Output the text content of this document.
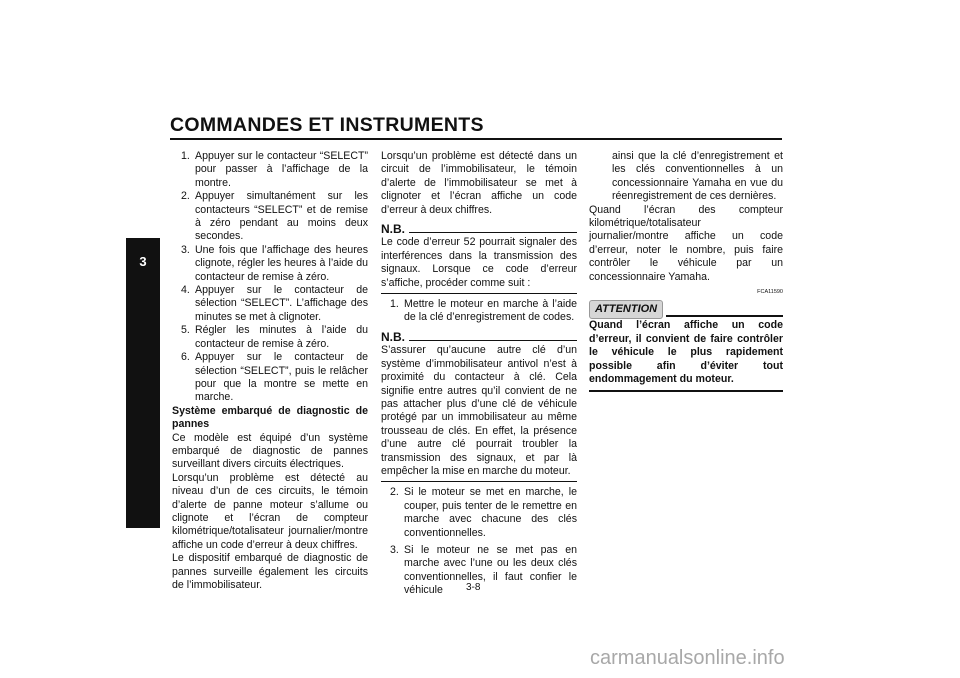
COMMANDES ET INSTRUMENTS
3
1. Appuyer sur le contacteur “SELECT” pour passer à l’affichage de la montre.
2. Appuyer simultanément sur les contacteurs “SELECT” et de remise à zéro pendant au moins deux secondes.
3. Une fois que l’affichage des heures clignote, régler les heures à l’aide du contacteur de remise à zéro.
4. Appuyer sur le contacteur de sélection “SELECT”. L’affichage des minutes se met à clignoter.
5. Régler les minutes à l’aide du contacteur de remise à zéro.
6. Appuyer sur le contacteur de sélection “SELECT”, puis le relâcher pour que la montre se mette en marche.

Système embarqué de diagnostic de pannes

Ce modèle est équipé d’un système embarqué de diagnostic de pannes surveillant divers circuits électriques.

Lorsqu’un problème est détecté au niveau d’un de ces circuits, le témoin d’alerte de panne moteur s’allume ou clignote et l’écran de compteur kilométrique/totalisateur journalier/montre affiche un code d’erreur à deux chiffres.

Le dispositif embarqué de diagnostic de pannes surveille également les circuits de l’immobilisateur.

Lorsqu’un problème est détecté dans un circuit de l’immobilisateur, le témoin d’alerte de l’immobilisateur se met à clignoter et l’écran affiche un code d’erreur à deux chiffres.

N.B.

Le code d’erreur 52 pourrait signaler des interférences dans la transmission des signaux. Lorsque ce code d’erreur s’affiche, procéder comme suit :

1. Mettre le moteur en marche à l’aide de la clé d’enregistrement de codes.
N.B.

S’assurer qu’aucune autre clé d’un système d’immobilisateur antivol n’est à proximité du contacteur à clé. Cela signifie entre autres qu’il convient de ne pas attacher plus d’une clé de véhicule protégé par un immobilisateur au même trousseau de clés. En effet, la présence d’une autre clé pourrait troubler la transmission des signaux, et par là empêcher la mise en marche du moteur.

2. Si le moteur se met en marche, le couper, puis tenter de le remettre en marche avec chacune des clés conventionnelles.
3. Si le moteur ne se met pas en marche avec l’une ou les deux clés conventionnelles, il faut confier le véhicule

ainsi que la clé d’enregistrement et les clés conventionnelles à un concessionnaire Yamaha en vue du réenregistrement de ces dernières.

Quand l’écran des compteur kilométrique/totalisateur journalier/montre affiche un code d’erreur, noter le nombre, puis faire contrôler le véhicule par un concessionnaire Yamaha.

FCA11590
ATTENTION

Quand l’écran affiche un code d’erreur, il convient de faire contrôler le véhicule le plus rapidement possible afin d’éviter tout endommagement du moteur.

3-8
carmanualsonline.info
